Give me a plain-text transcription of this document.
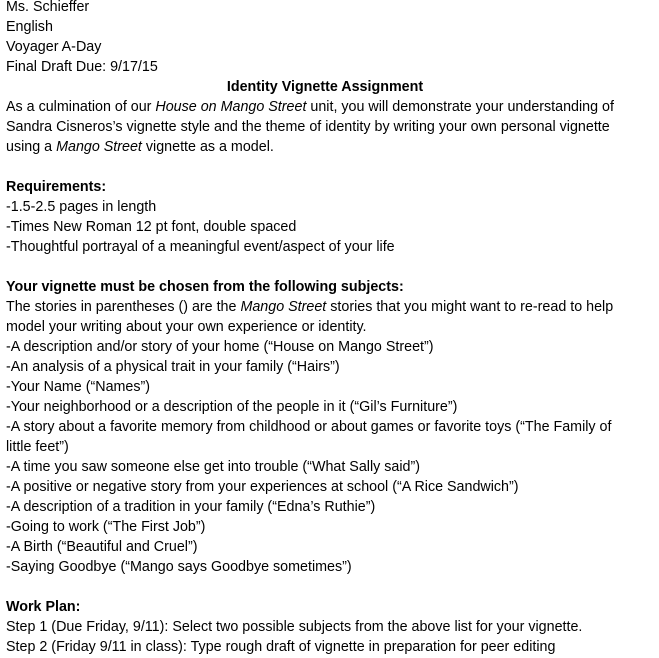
Ms. Schieffer
English
Voyager A-Day
Final Draft Due: 9/17/15
Identity Vignette Assignment
As a culmination of our House on Mango Street unit, you will demonstrate your understanding of
Sandra Cisneros’s vignette style and the theme of identity by writing your own personal vignette
using a Mango Street vignette as a model.
Requirements:
-1.5-2.5 pages in length
-Times New Roman 12 pt font, double spaced
-Thoughtful portrayal of a meaningful event/aspect of your life
Your vignette must be chosen from the following subjects:
The stories in parentheses () are the Mango Street stories that you might want to re-read to help
model your writing about your own experience or identity.
-A description and/or story of your home (“House on Mango Street”)
-An analysis of a physical trait in your family (“Hairs”)
-Your Name (“Names”)
-Your neighborhood or a description of the people in it (“Gil’s Furniture”)
-A story about a favorite memory from childhood or about games or favorite toys (“The Family of
little feet”)
-A time you saw someone else get into trouble (“What Sally said”)
-A positive or negative story from your experiences at school (“A Rice Sandwich”)
-A description of a tradition in your family (“Edna’s Ruthie”)
-Going to work (“The First Job”)
-A Birth (“Beautiful and Cruel”)
-Saying Goodbye (“Mango says Goodbye sometimes”)
Work Plan:
Step 1 (Due Friday, 9/11): Select two possible subjects from the above list for your vignette.
Step 2 (Friday 9/11 in class): Type rough draft of vignette in preparation for peer editing
